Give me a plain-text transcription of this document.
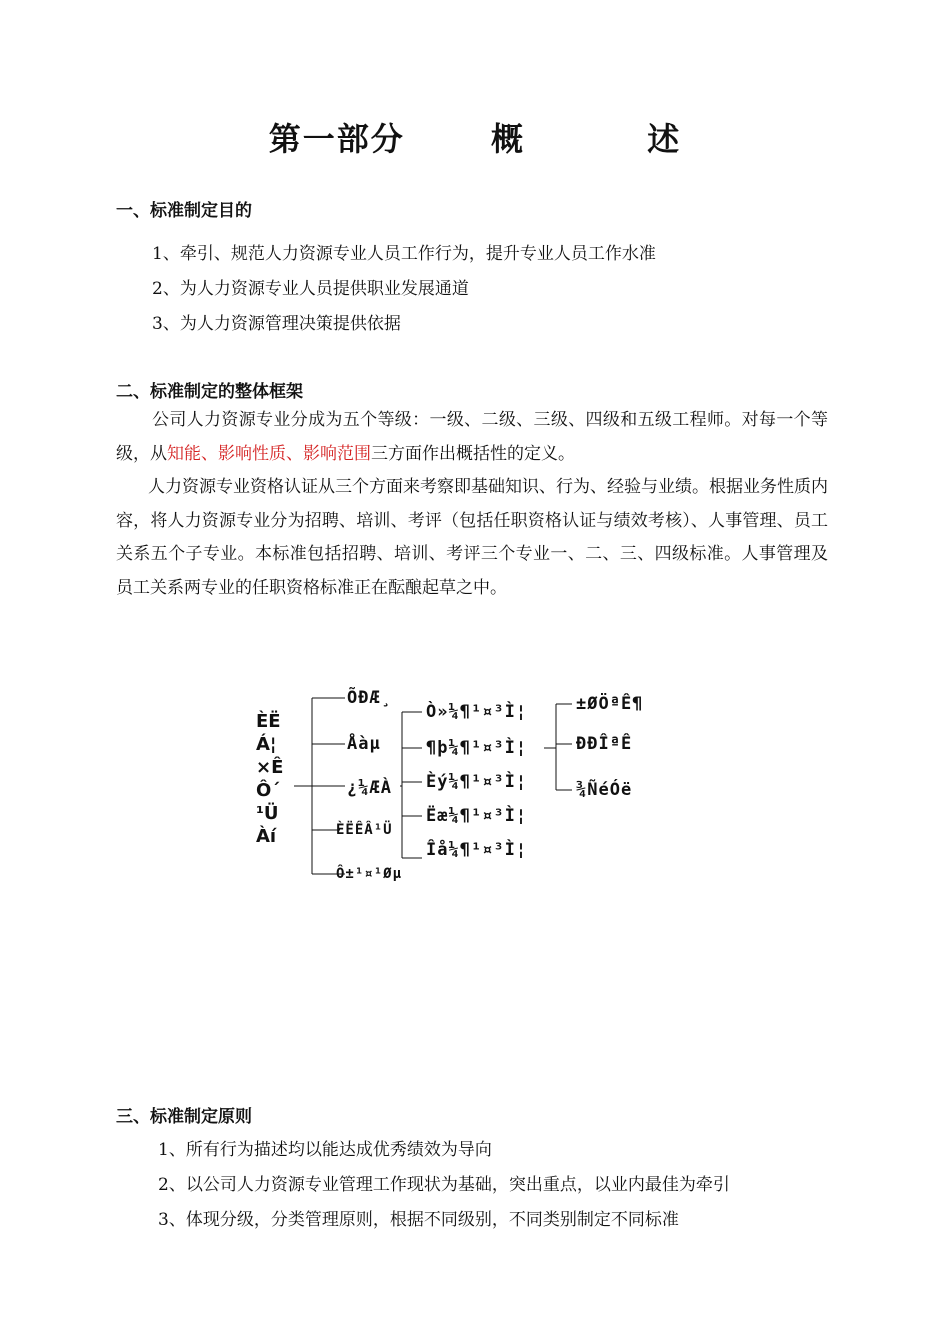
第一部分	概	述
一、标准制定目的
1、牵引、规范人力资源专业人员工作行为，提升专业人员工作水准
2、为人力资源专业人员提供职业发展通道
3、为人力资源管理决策提供依据
二、标准制定的整体框架
公司人力资源专业分成为五个等级：一级、二级、三级、四级和五级工程师。对每一个等级，从知能、影响性质、影响范围三方面作出概括性的定义。
人力资源专业资格认证从三个方面来考察即基础知识、行为、经验与业绩。根据业务性质内容，将人力资源专业分为招聘、培训、考评（包括任职资格认证与绩效考核）、人事管理、员工关系五个子专业。本标准包括招聘、培训、考评三个专业一、二、三、四级标准。人事管理及员工关系两专业的任职资格标准正在酝酿起草之中。
ÈË
Á¦
×Ê
Ô´
¹Ü
Àí
ÕÐÆ¸
Åàµ
¿¼ÆÀ
ÈËÊÂ¹Ü
Ô±¹¤¹Øµ
Ò»¼¶¹¤³Ì¦
¶þ¼¶¹¤³Ì¦
Èý¼¶¹¤³Ì¦
Ëæ¼¶¹¤³Ì¦
Îå¼¶¹¤³Ì¦
±ØÖªÊ¶
ÐÐÎªÊ
¾ÑéÓë
三、标准制定原则
1、所有行为描述均以能达成优秀绩效为导向
2、以公司人力资源专业管理工作现状为基础，突出重点，以业内最佳为牵引
3、体现分级，分类管理原则，根据不同级别，不同类别制定不同标准
